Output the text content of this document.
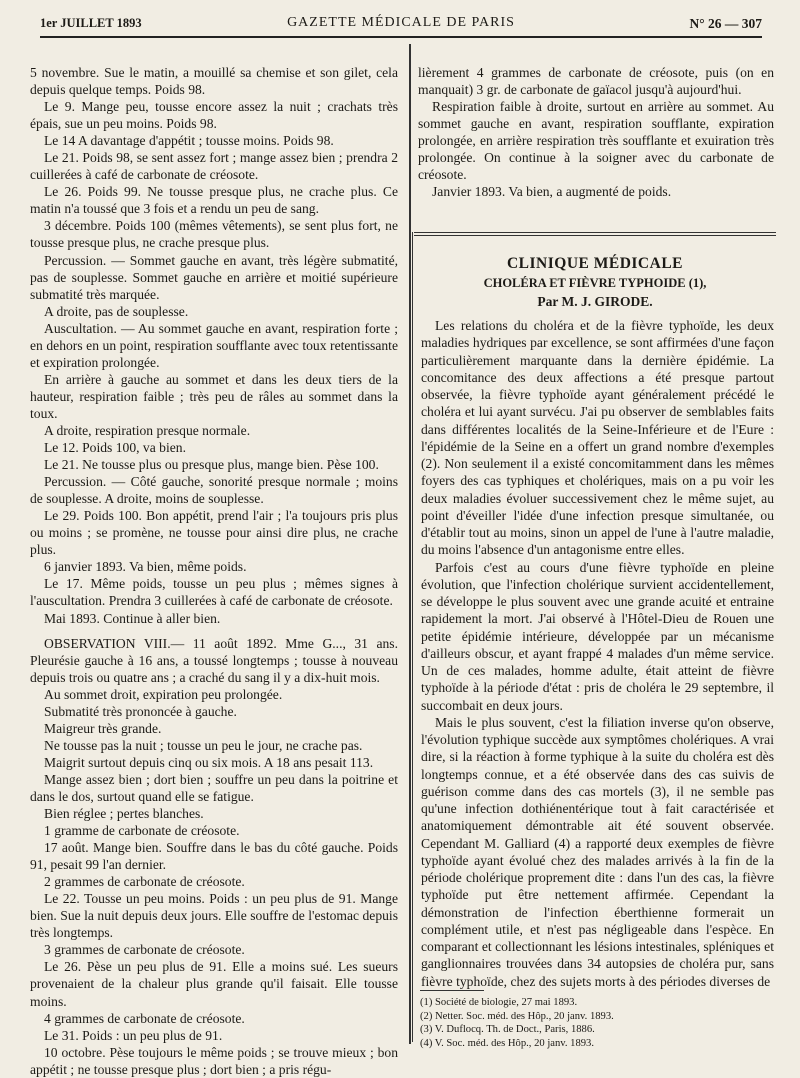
1er JUILLET 1893	GAZETTE MÉDICALE DE PARIS	N° 26 — 307

5 novembre. Sue le matin, a mouillé sa chemise et son gilet, cela depuis quelque temps. Poids 98.

Le 9. Mange peu, tousse encore assez la nuit ; crachats très épais, sue un peu moins. Poids 98.

Le 14 A davantage d'appétit ; tousse moins. Poids 98.

Le 21. Poids 98, se sent assez fort ; mange assez bien ; prendra 2 cuillerées à café de carbonate de créosote.

Le 26. Poids 99. Ne tousse presque plus, ne crache plus. Ce matin n'a toussé que 3 fois et a rendu un peu de sang.

3 décembre. Poids 100 (mêmes vêtements), se sent plus fort, ne tousse presque plus, ne crache presque plus.

Percussion. — Sommet gauche en avant, très légère submatité, pas de souplesse. Sommet gauche en arrière et moitié supérieure submatité très marquée.

A droite, pas de souplesse.

Auscultation. — Au sommet gauche en avant, respiration forte ; en dehors en un point, respiration soufflante avec toux retentissante et expiration prolongée.

En arrière à gauche au sommet et dans les deux tiers de la hauteur, respiration faible ; très peu de râles au sommet dans la toux.

A droite, respiration presque normale.

Le 12. Poids 100, va bien.

Le 21. Ne tousse plus ou presque plus, mange bien. Pèse 100.

Percussion. — Côté gauche, sonorité presque normale ; moins de souplesse. A droite, moins de souplesse.

Le 29. Poids 100. Bon appétit, prend l'air ; l'a toujours pris plus ou moins ; se promène, ne tousse pour ainsi dire plus, ne crache plus.

6 janvier 1893. Va bien, même poids.

Le 17. Même poids, tousse un peu plus ; mêmes signes à l'auscultation. Prendra 3 cuillerées à café de carbonate de créosote.

Mai 1893. Continue à aller bien.

OBSERVATION VIII.— 11 août 1892. Mme G..., 31 ans. Pleurésie gauche à 16 ans, a toussé longtemps ; tousse à nouveau depuis trois ou quatre ans ; a craché du sang il y a dix-huit mois.

Au sommet droit, expiration peu prolongée.

Submatité très prononcée à gauche.

Maigreur très grande.

Ne tousse pas la nuit ; tousse un peu le jour, ne crache pas.

Maigrit surtout depuis cinq ou six mois. A 18 ans pesait 113.

Mange assez bien ; dort bien ; souffre un peu dans la poitrine et dans le dos, surtout quand elle se fatigue.

Bien réglee ; pertes blanches.

1 gramme de carbonate de créosote.

17 août. Mange bien. Souffre dans le bas du côté gauche. Poids 91, pesait 99 l'an dernier.

2 grammes de carbonate de créosote.

Le 22. Tousse un peu moins. Poids : un peu plus de 91. Mange bien. Sue la nuit depuis deux jours. Elle souffre de l'estomac depuis très longtemps.

3 grammes de carbonate de créosote.

Le 26. Pèse un peu plus de 91. Elle a moins sué. Les sueurs provenaient de la chaleur plus grande qu'il faisait. Elle tousse moins.

4 grammes de carbonate de créosote.

Le 31. Poids : un peu plus de 91.

10 octobre. Pèse toujours le même poids ; se trouve mieux ; bon appétit ; ne tousse presque plus ; dort bien ; a pris régu-

lièrement 4 grammes de carbonate de créosote, puis (on en manquait) 3 gr. de carbonate de gaïacol jusqu'à aujourd'hui.

Respiration faible à droite, surtout en arrière au sommet. Au sommet gauche en avant, respiration soufflante, expiration prolongée, en arrière respiration très soufflante et exuiration très prolongée. On continue à la soigner avec du carbonate de créosote.

Janvier 1893. Va bien, a augmenté de poids.

CLINIQUE MÉDICALE
CHOLÉRA ET FIÈVRE TYPHOIDE (1),
Par M. J. GIRODE.

Les relations du choléra et de la fièvre typhoïde, les deux maladies hydriques par excellence, se sont affirmées d'une façon particulièrement marquante dans la dernière épidémie. La concomitance des deux affections a été presque partout observée, la fièvre typhoïde ayant généralement précédé le choléra et lui ayant survécu. J'ai pu observer de semblables faits dans différentes localités de la Seine-Inférieure et de l'Eure : l'épidémie de la Seine en a offert un grand nombre d'exemples (2). Non seulement il a existé concomitamment dans les mêmes foyers des cas typhiques et cholériques, mais on a pu voir les deux maladies évoluer successivement chez le même sujet, au point d'éveiller l'idée d'une infection presque simultanée, ou d'établir tout au moins, sinon un appel de l'une à l'autre maladie, du moins l'absence d'un antagonisme entre elles.

Parfois c'est au cours d'une fièvre typhoïde en pleine évolution, que l'infection cholérique survient accidentellement, se développe le plus souvent avec une grande acuité et entraine rapidement la mort. J'ai observé à l'Hôtel-Dieu de Rouen une petite épidémie intérieure, développée par un mécanisme d'ailleurs obscur, et ayant frappé 4 malades d'un même service. Un de ces malades, homme adulte, était atteint de fièvre typhoïde à la période d'état : pris de choléra le 29 septembre, il succombait en deux jours.

Mais le plus souvent, c'est la filiation inverse qu'on observe, l'évolution typhique succède aux symptômes cholériques. A vrai dire, si la réaction à forme typhique à la suite du choléra est dès longtemps connue, et a été observée dans des cas suivis de guérison comme dans des cas mortels (3), il ne semble pas qu'une infection dothiénentérique tout à fait caractérisée et anatomiquement démontrable ait été souvent observée. Cependant M. Galliard (4) a rapporté deux exemples de fièvre typhoïde ayant évolué chez des malades arrivés à la fin de la période cholérique proprement dite : dans l'un des cas, la fièvre typhoïde put être nettement affirmée. Cependant la démonstration de l'infection éberthienne formerait un complément utile, et n'est pas négligeable dans l'espèce. En comparant et collectionnant les lésions intestinales, spléniques et ganglionnaires trouvées dans 34 autopsies de choléra pur, sans fièvre typhoïde, chez des sujets morts à des périodes diverses de

(1) Société de biologie, 27 mai 1893.
(2) Netter. Soc. méd. des Hôp., 20 janv. 1893.
(3) V. Duflocq. Th. de Doct., Paris, 1886.
(4) V. Soc. méd. des Hôp., 20 janv. 1893.
